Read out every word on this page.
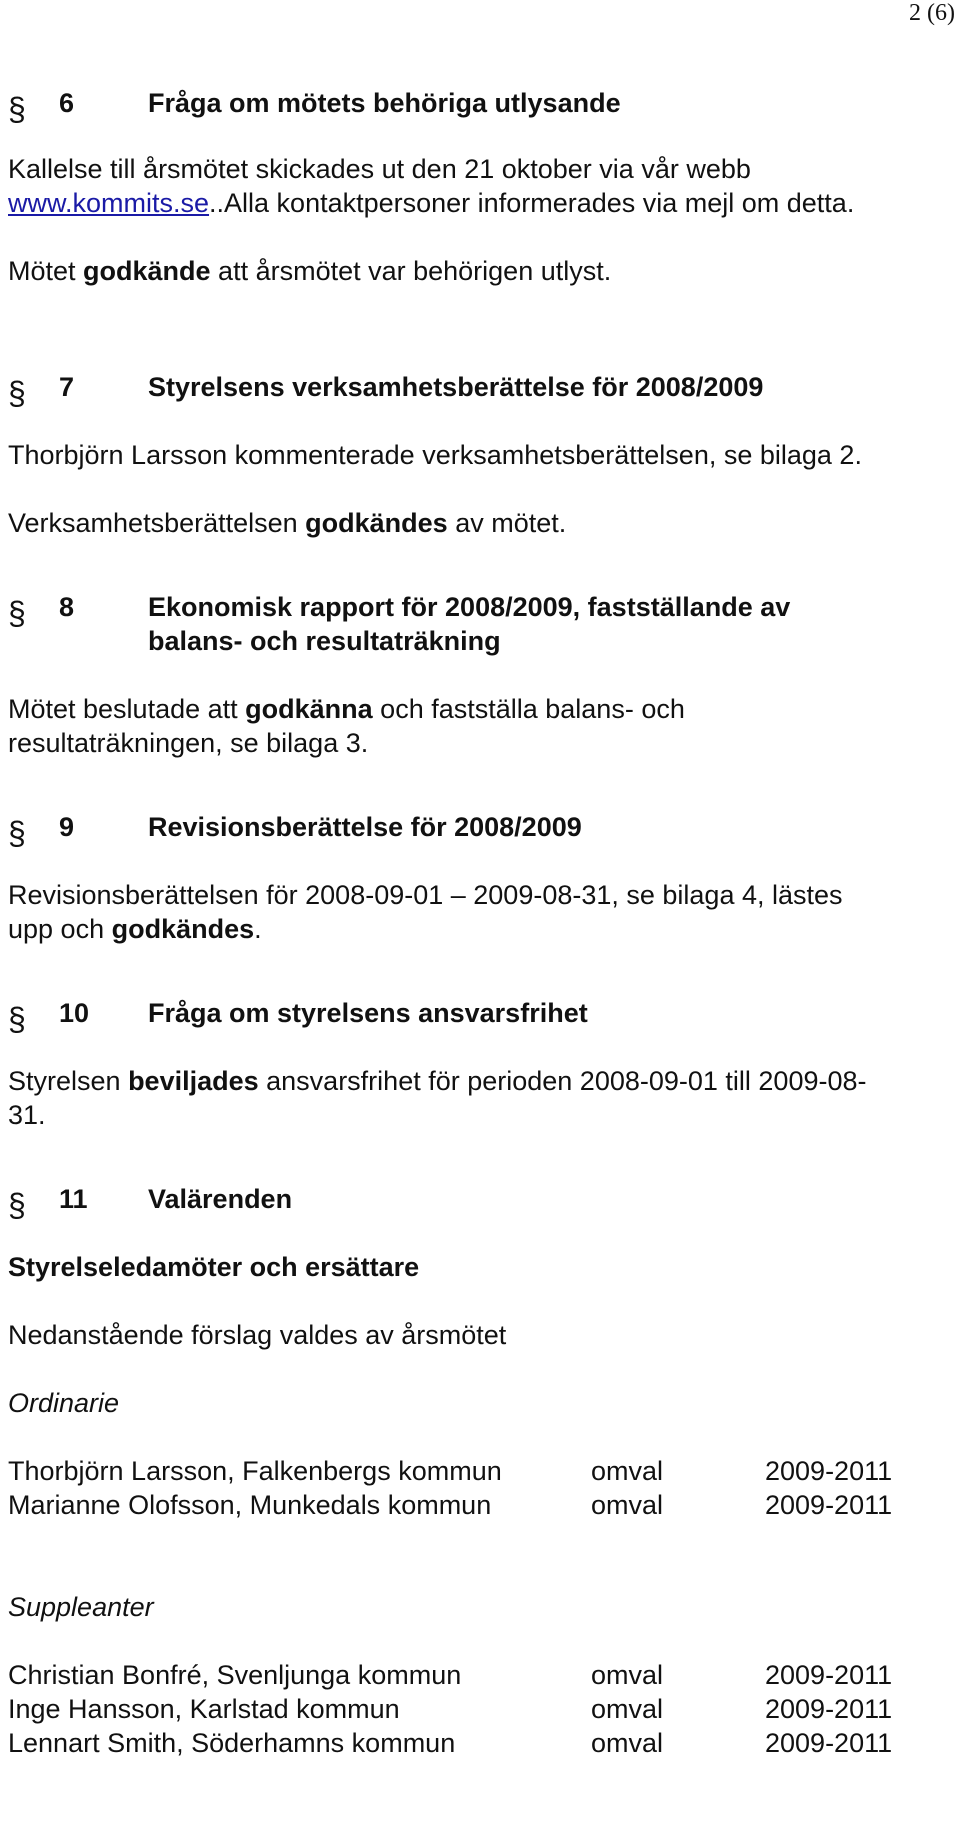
2 (6)
§ 6	Fråga om mötets behöriga utlysande

Kallelse till årsmötet skickades ut den 21 oktober via vår webb
www.kommits.se..Alla kontaktpersoner informerades via mejl om detta.

Mötet godkände att årsmötet var behörigen utlyst.

§ 7	Styrelsens verksamhetsberättelse för 2008/2009

Thorbjörn Larsson kommenterade verksamhetsberättelsen, se bilaga 2.

Verksamhetsberättelsen godkändes av mötet.

§ 8	Ekonomisk rapport för 2008/2009, fastställande av
balans- och resultaträkning

Mötet beslutade att godkänna och fastställa balans- och
resultaträkningen, se bilaga 3.

§ 9	Revisionsberättelse för 2008/2009

Revisionsberättelsen för 2008-09-01 – 2009-08-31, se bilaga 4, lästes
upp och godkändes.

§ 10 Fråga om styrelsens ansvarsfrihet

Styrelsen beviljades ansvarsfrihet för perioden 2008-09-01 till 2009-08-
31.

§ 11 Valärenden
Styrelseledamöter och ersättare

Nedanstående förslag valdes av årsmötet

Ordinarie
Thorbjörn Larsson, Falkenbergs kommun	omval	2009-2011
Marianne Olofsson, Munkedals kommun	omval	2009-2011
Suppleanter
Christian Bonfré, Svenljunga kommun	omval	2009-2011
Inge Hansson, Karlstad kommun	omval	2009-2011
Lennart Smith, Söderhamns kommun	omval	2009-2011
